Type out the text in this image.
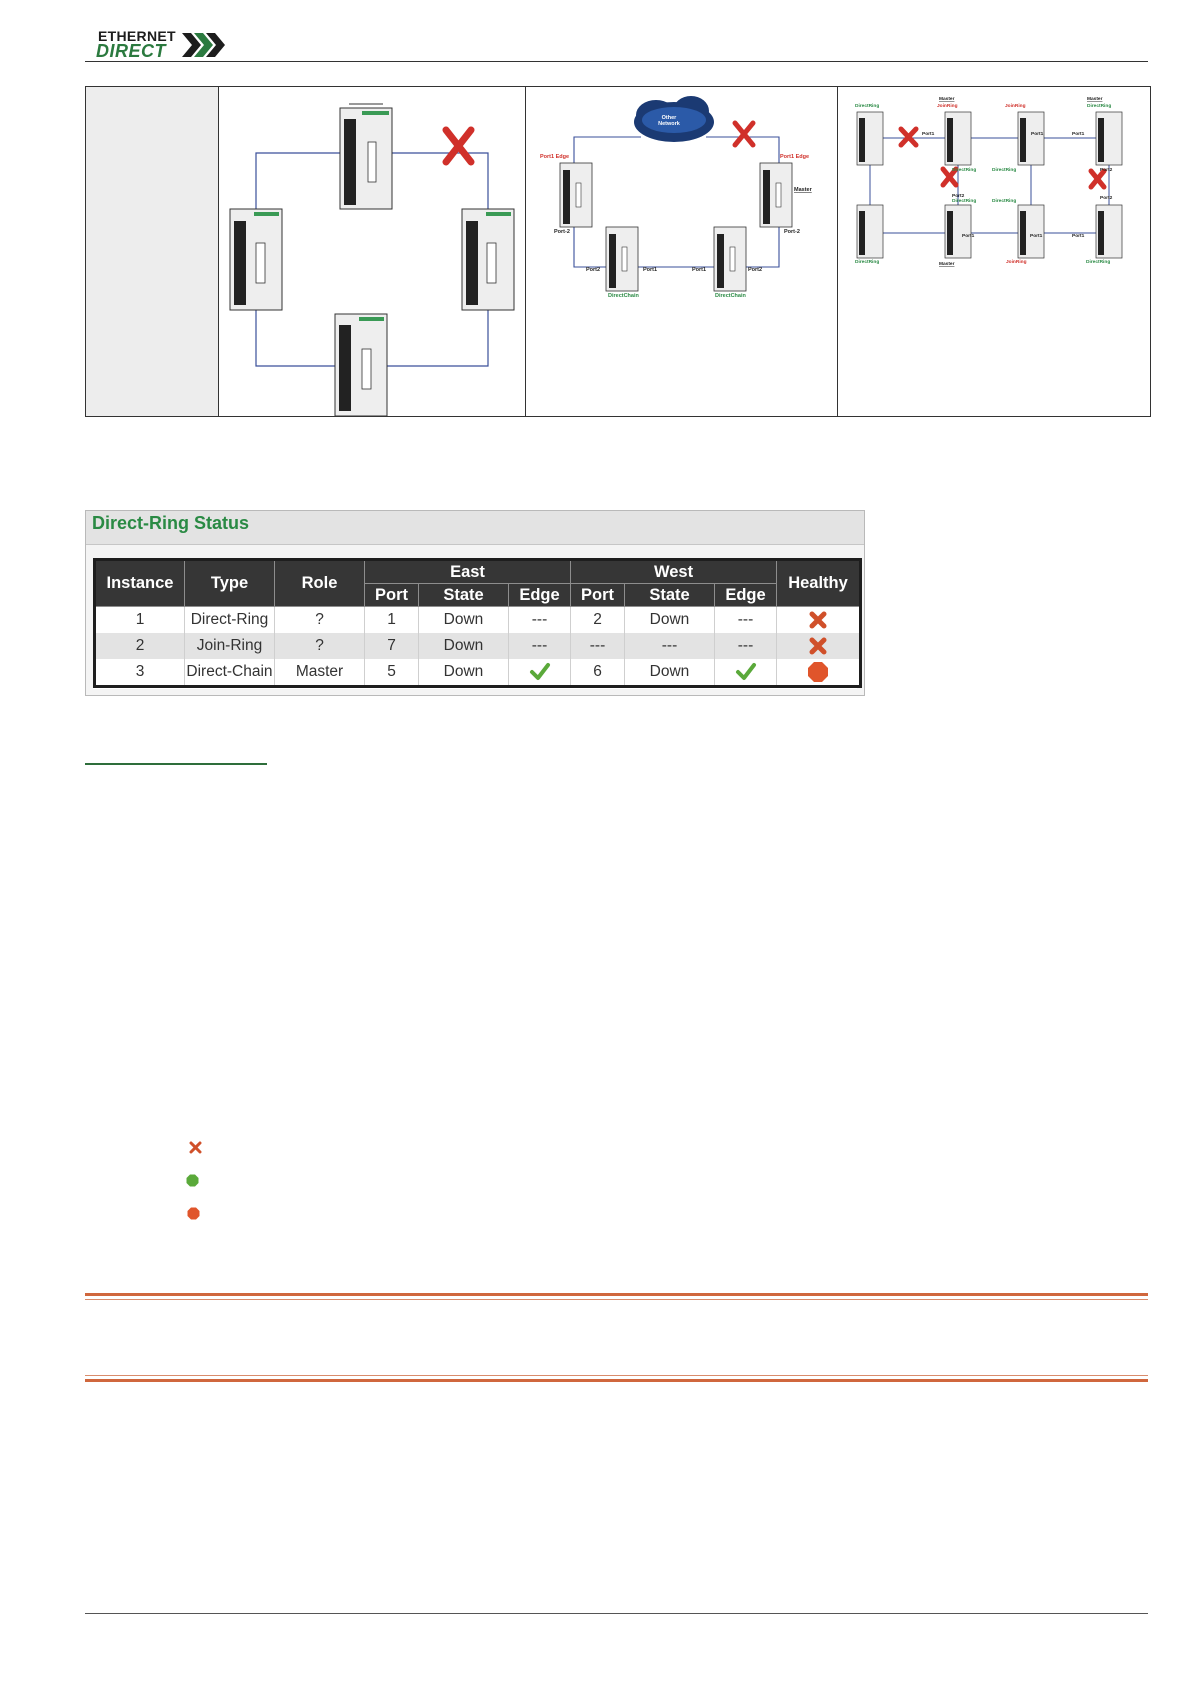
ETHERNET
DIRECT
Other
Network
Port1 Edge	Port1 Edge
Master
Port-2	Port-2
Port2	Port1	Port1	Port2
DirectChain	DirectChain
Master	Master
Master
DirectRing	JoinRing	JoinRing	DirectRing
DirectRing	JoinRing	DirectRing
Port1	Port1	Port1
Port2
Port2
Port2
DirectRing	DirectRing
DirectRing	DirectRing
Port1	Port1	Port1
Direct-Ring Status
Instance	Type	Role	East			West			Healthy
			Port	State	Edge	Port	State	Edge	
1	Direct-Ring	?	1	Down	---	2	Down	---	
2	Join-Ring	?	7	Down	---	---	---	---	
3	Direct-Chain	Master	5	Down		6	Down		
